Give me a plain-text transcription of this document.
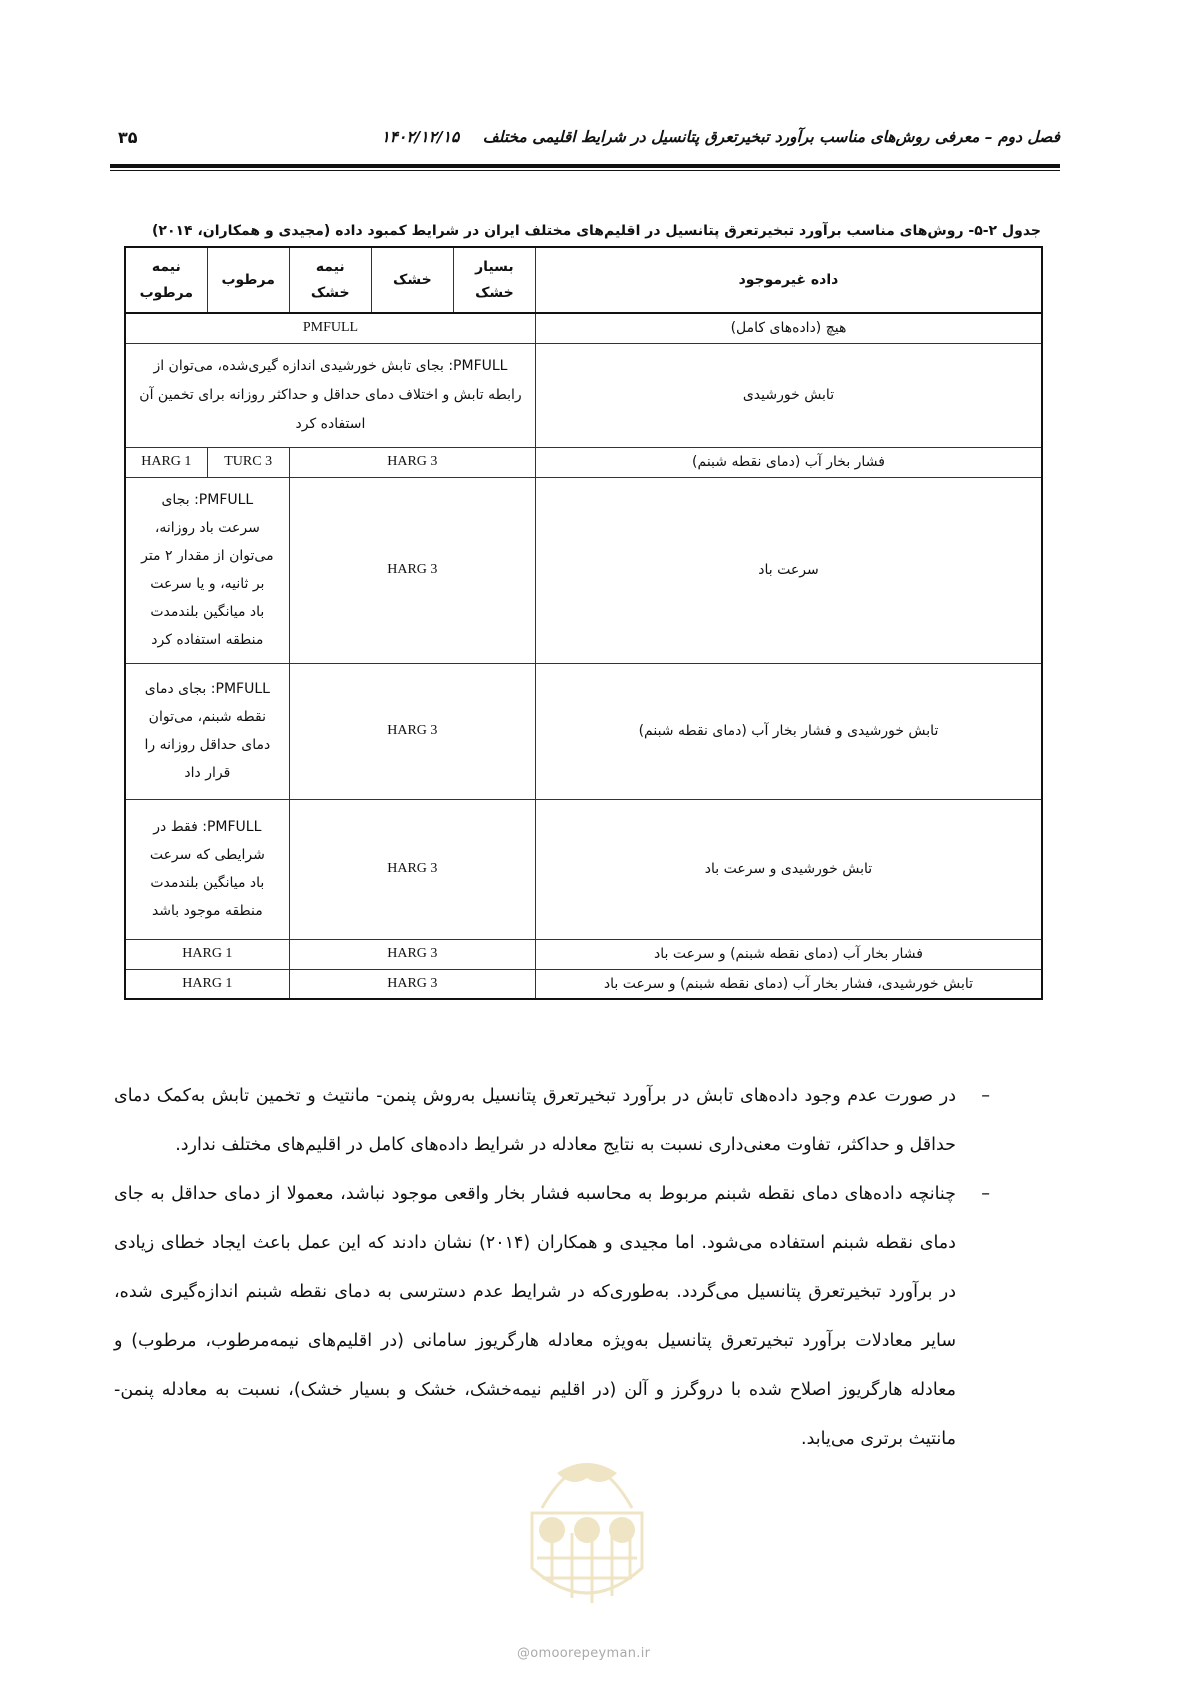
فصل دوم – معرفی روش‌های مناسب برآورد تبخیرتعرق پتانسیل در شرایط اقلیمی مختلف ۱۴۰۲/۱۲/۱۵
۳۵
جدول ۲-۵- روش‌های مناسب برآورد تبخیرتعرق پتانسیل در اقلیم‌های مختلف ایران در شرایط کمبود داده (مجیدی و همکاران، ۲۰۱۴)
داده غیرموجود	بسیار خشک	خشک	نیمه خشک	مرطوب	نیمه مرطوب
هیچ (داده‌های کامل)	PMFULL				
تابش خورشیدی	PMFULL: بجای تابش خورشیدی اندازه گیری‌شده، می‌توان از رابطه تابش و اختلاف دمای حداقل و حداکثر روزانه برای تخمین آن استفاده کرد				

فشار بخار آب (دمای نقطه شبنم)	HARG 3			TURC 3	HARG 1
سرعت باد	HARG 3			PMFULL: بجای سرعت باد روزانه، می‌توان از مقدار ۲ متر بر ثانیه، و یا سرعت باد میانگین بلندمدت منطقه استفاده کرد	

تابش خورشیدی و فشار بخار آب (دمای نقطه شبنم)	HARG 3			PMFULL: بجای دمای نقطه شبنم، می‌توان دمای حداقل روزانه را قرار داد	

تابش خورشیدی و سرعت باد	HARG 3			PMFULL: فقط در شرایطی که سرعت باد میانگین بلندمدت منطقه موجود باشد	

فشار بخار آب (دمای نقطه شبنم) و سرعت باد	HARG 3			HARG 1	
تابش خورشیدی، فشار بخار آب (دمای نقطه شبنم) و سرعت باد	HARG 3			HARG 1	
–
در صورت عدم وجود داده‌های تابش در برآورد تبخیرتعرق پتانسیل به‌روش پنمن- مانتیث و تخمین تابش به‌کمک دمای حداقل و حداکثر، تفاوت معنی‌داری نسبت به نتایج معادله در شرایط داده‌های کامل در اقلیم‌های مختلف ندارد.
–
چنانچه داده‌های دمای نقطه شبنم مربوط به محاسبه فشار بخار واقعی موجود نباشد، معمولا از دمای حداقل به جای دمای نقطه شبنم استفاده می‌شود. اما مجیدی و همکاران (۲۰۱۴) نشان دادند که این عمل باعث ایجاد خطای زیادی در برآورد تبخیرتعرق پتانسیل می‌گردد. به‌طوری‌که در شرایط عدم دسترسی به دمای نقطه شبنم اندازه‌گیری شده، سایر معادلات برآورد تبخیرتعرق پتانسیل به‌ویژه معادله هارگریوز سامانی (در اقلیم‌های نیمه‌مرطوب، مرطوب) و معادله هارگریوز اصلاح شده با دروگرز و آلن (در اقلیم نیمه‌خشک، خشک و بسیار خشک)، نسبت به معادله پنمن- مانتیث برتری می‌یابد.
@omoorepeyman.ir
